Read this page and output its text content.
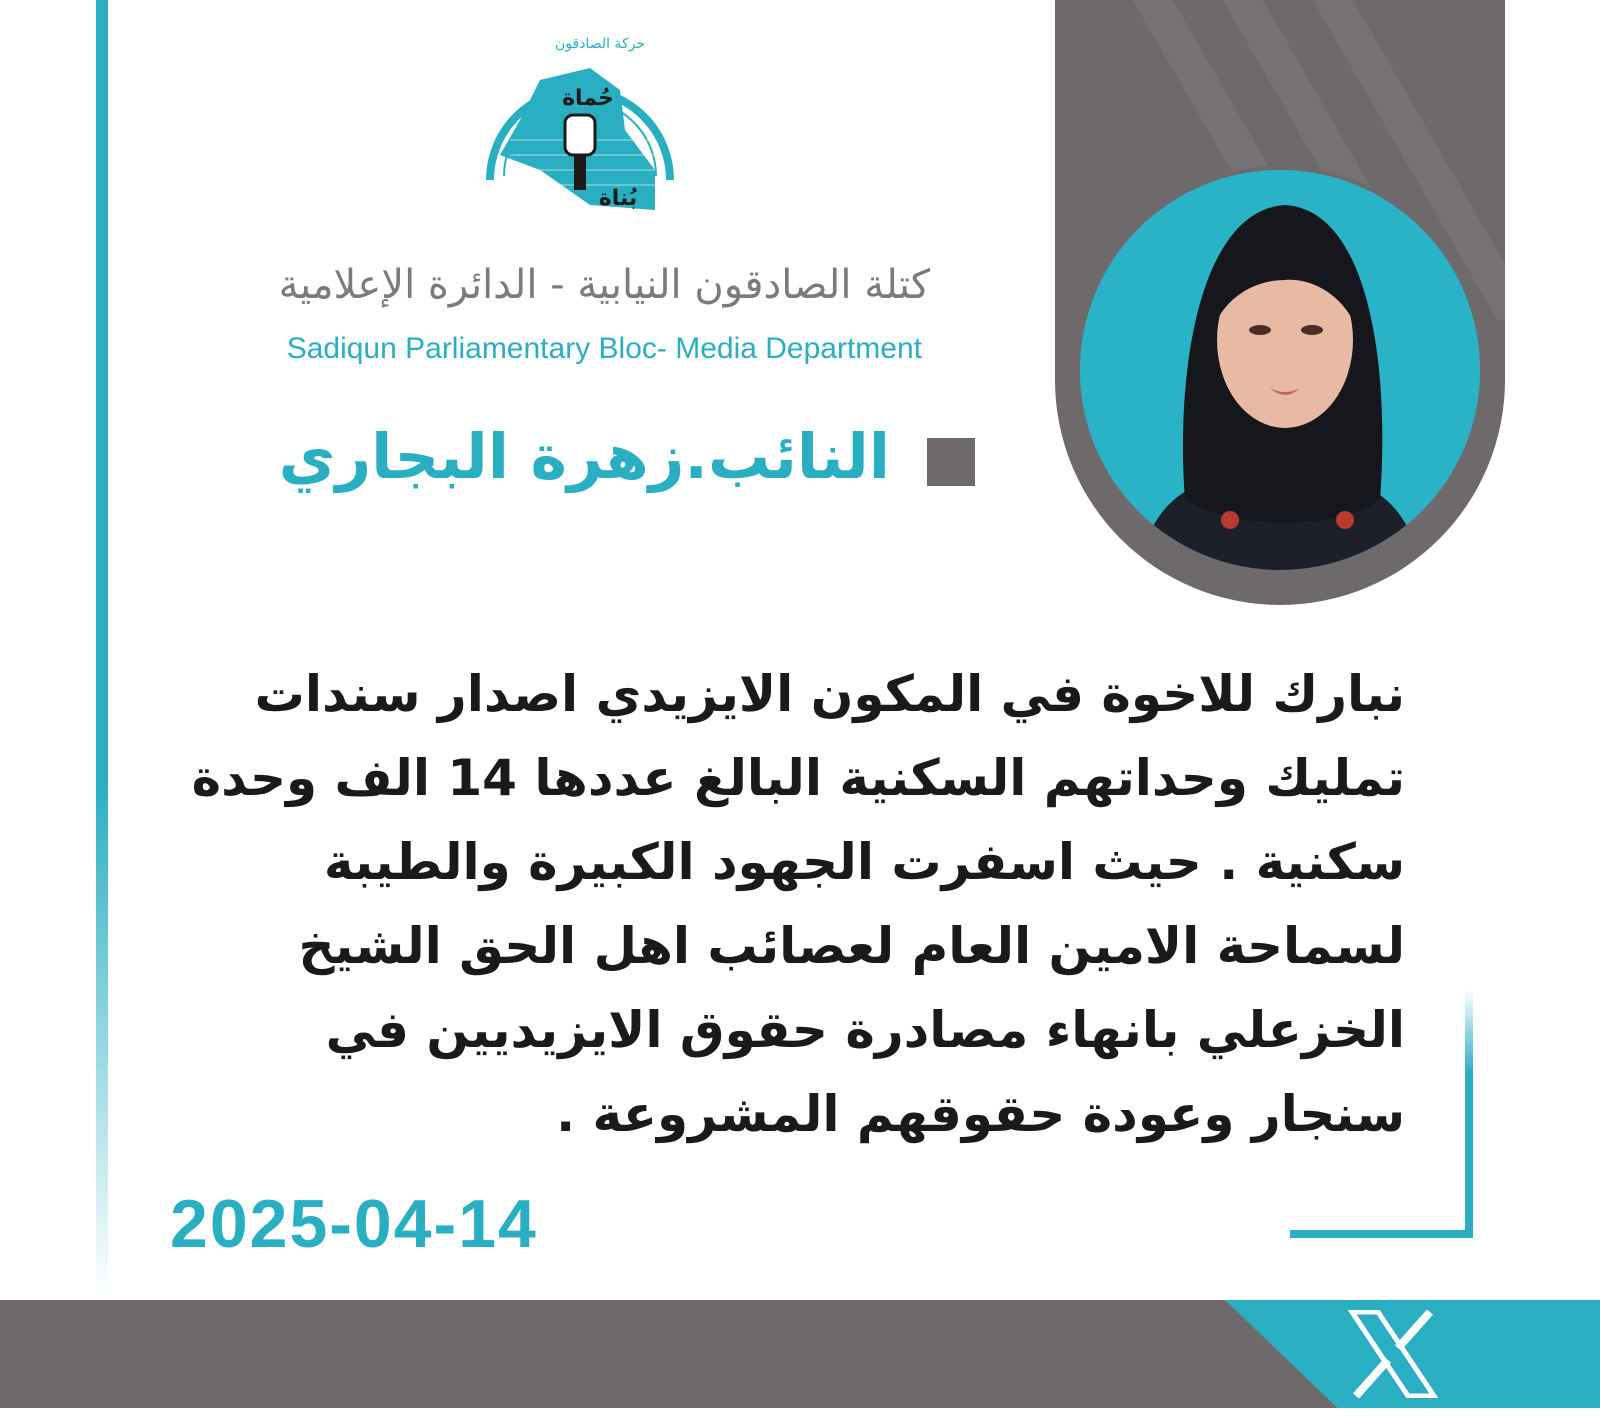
حُماة
بُناة
حركة الصادقون
كتلة الصادقون النيابية - الدائرة الإعلامية
Sadiqun Parliamentary Bloc- Media Department
النائب.زهرة البجاري

نبارك للاخوة في المكون الايزيدي اصدار سندات تمليك وحداتهم السكنية البالغ عددها 14 الف وحدة سكنية . حيث اسفرت الجهود الكبيرة والطيبة لسماحة الامين العام لعصائب اهل الحق الشيخ الخزعلي بانهاء مصادرة حقوق الايزيديين في سنجار وعودة حقوقهم المشروعة .

2025-04-14
